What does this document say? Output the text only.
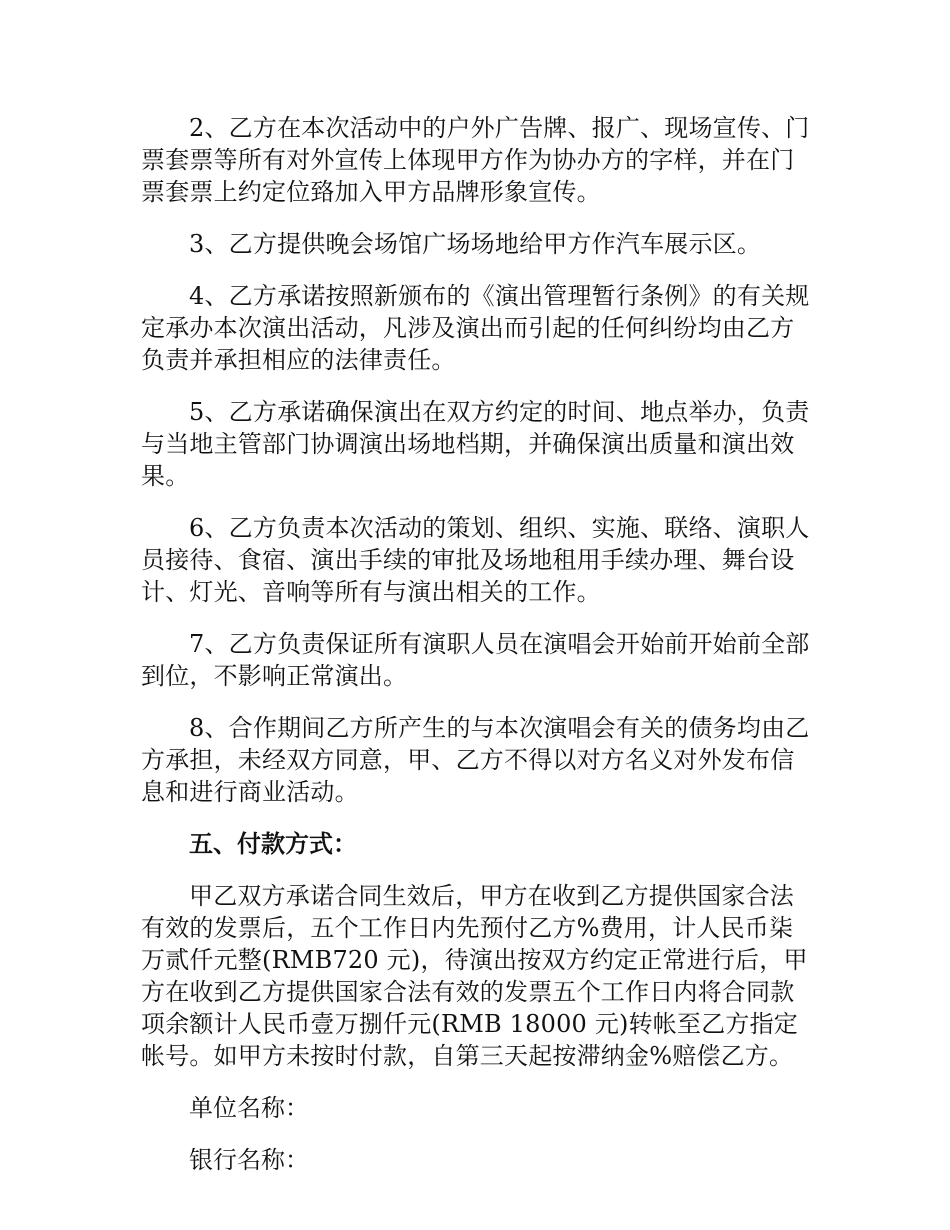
2、乙方在本次活动中的户外广告牌、报广、现场宣传、门票套票等所有对外宣传上体现甲方作为协办方的字样，并在门票套票上约定位臵加入甲方品牌形象宣传。

3、乙方提供晚会场馆广场场地给甲方作汽车展示区。

4、乙方承诺按照新颁布的《演出管理暂行条例》的有关规定承办本次演出活动，凡涉及演出而引起的任何纠纷均由乙方负责并承担相应的法律责任。

5、乙方承诺确保演出在双方约定的时间、地点举办，负责与当地主管部门协调演出场地档期，并确保演出质量和演出效果。

6、乙方负责本次活动的策划、组织、实施、联络、演职人员接待、食宿、演出手续的审批及场地租用手续办理、舞台设计、灯光、音响等所有与演出相关的工作。

7、乙方负责保证所有演职人员在演唱会开始前开始前全部到位，不影响正常演出。

8、合作期间乙方所产生的与本次演唱会有关的债务均由乙方承担，未经双方同意，甲、乙方不得以对方名义对外发布信息和进行商业活动。

五、付款方式：

甲乙双方承诺合同生效后，甲方在收到乙方提供国家合法有效的发票后，五个工作日内先预付乙方%费用，计人民币柒万贰仟元整(RMB720 元)，待演出按双方约定正常进行后，甲方在收到乙方提供国家合法有效的发票五个工作日内将合同款项余额计人民币壹万捌仟元(RMB 18000 元)转帐至乙方指定帐号。如甲方未按时付款，自第三天起按滞纳金%赔偿乙方。

单位名称：

银行名称：
